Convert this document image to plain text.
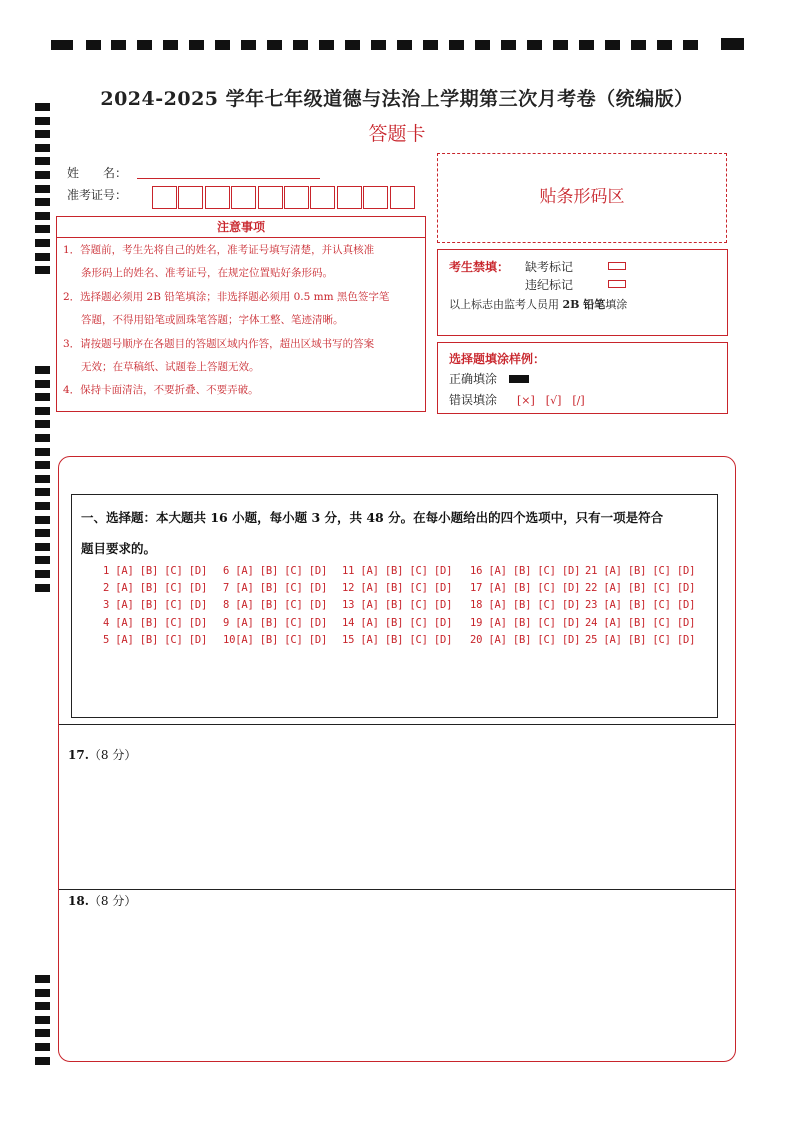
2024-2025 学年七年级道德与法治上学期第三次月考卷（统编版）
答题卡
姓　　名：
准考证号：
注意事项
1．答题前，考生先将自己的姓名，准考证号填写清楚，并认真核准
条形码上的姓名、准考证号，在规定位置贴好条形码。
2．选择题必须用 2B 铅笔填涂；非选择题必须用 0.5 mm 黑色签字笔
答题，不得用铅笔或圆珠笔答题；字体工整、笔迹清晰。
3．请按题号顺序在各题目的答题区域内作答，超出区域书写的答案
无效；在草稿纸、试题卷上答题无效。
4．保持卡面清洁，不要折叠、不要弄破。
贴条形码区
考生禁填： 缺考标记
违纪标记
以上标志由监考人员用 2B 铅笔填涂
选择题填涂样例：
正确填涂
错误填涂 [×]　[√]　[/]
一、选择题：本大题共 16 小题，每小题 3 分，共 48 分。在每小题给出的四个选项中，只有一项是符合
题目要求的。
1 [A] [B] [C] [D] 6 [A] [B] [C] [D] 11 [A] [B] [C] [D] 16 [A] [B] [C] [D] 21 [A] [B] [C] [D]
2 [A] [B] [C] [D] 7 [A] [B] [C] [D] 12 [A] [B] [C] [D] 17 [A] [B] [C] [D] 22 [A] [B] [C] [D]
3 [A] [B] [C] [D] 8 [A] [B] [C] [D] 13 [A] [B] [C] [D] 18 [A] [B] [C] [D] 23 [A] [B] [C] [D]
4 [A] [B] [C] [D] 9 [A] [B] [C] [D] 14 [A] [B] [C] [D] 19 [A] [B] [C] [D] 24 [A] [B] [C] [D]
5 [A] [B] [C] [D] 10[A] [B] [C] [D] 15 [A] [B] [C] [D] 20 [A] [B] [C] [D] 25 [A] [B] [C] [D]
17.（8 分）
18.（8 分）
